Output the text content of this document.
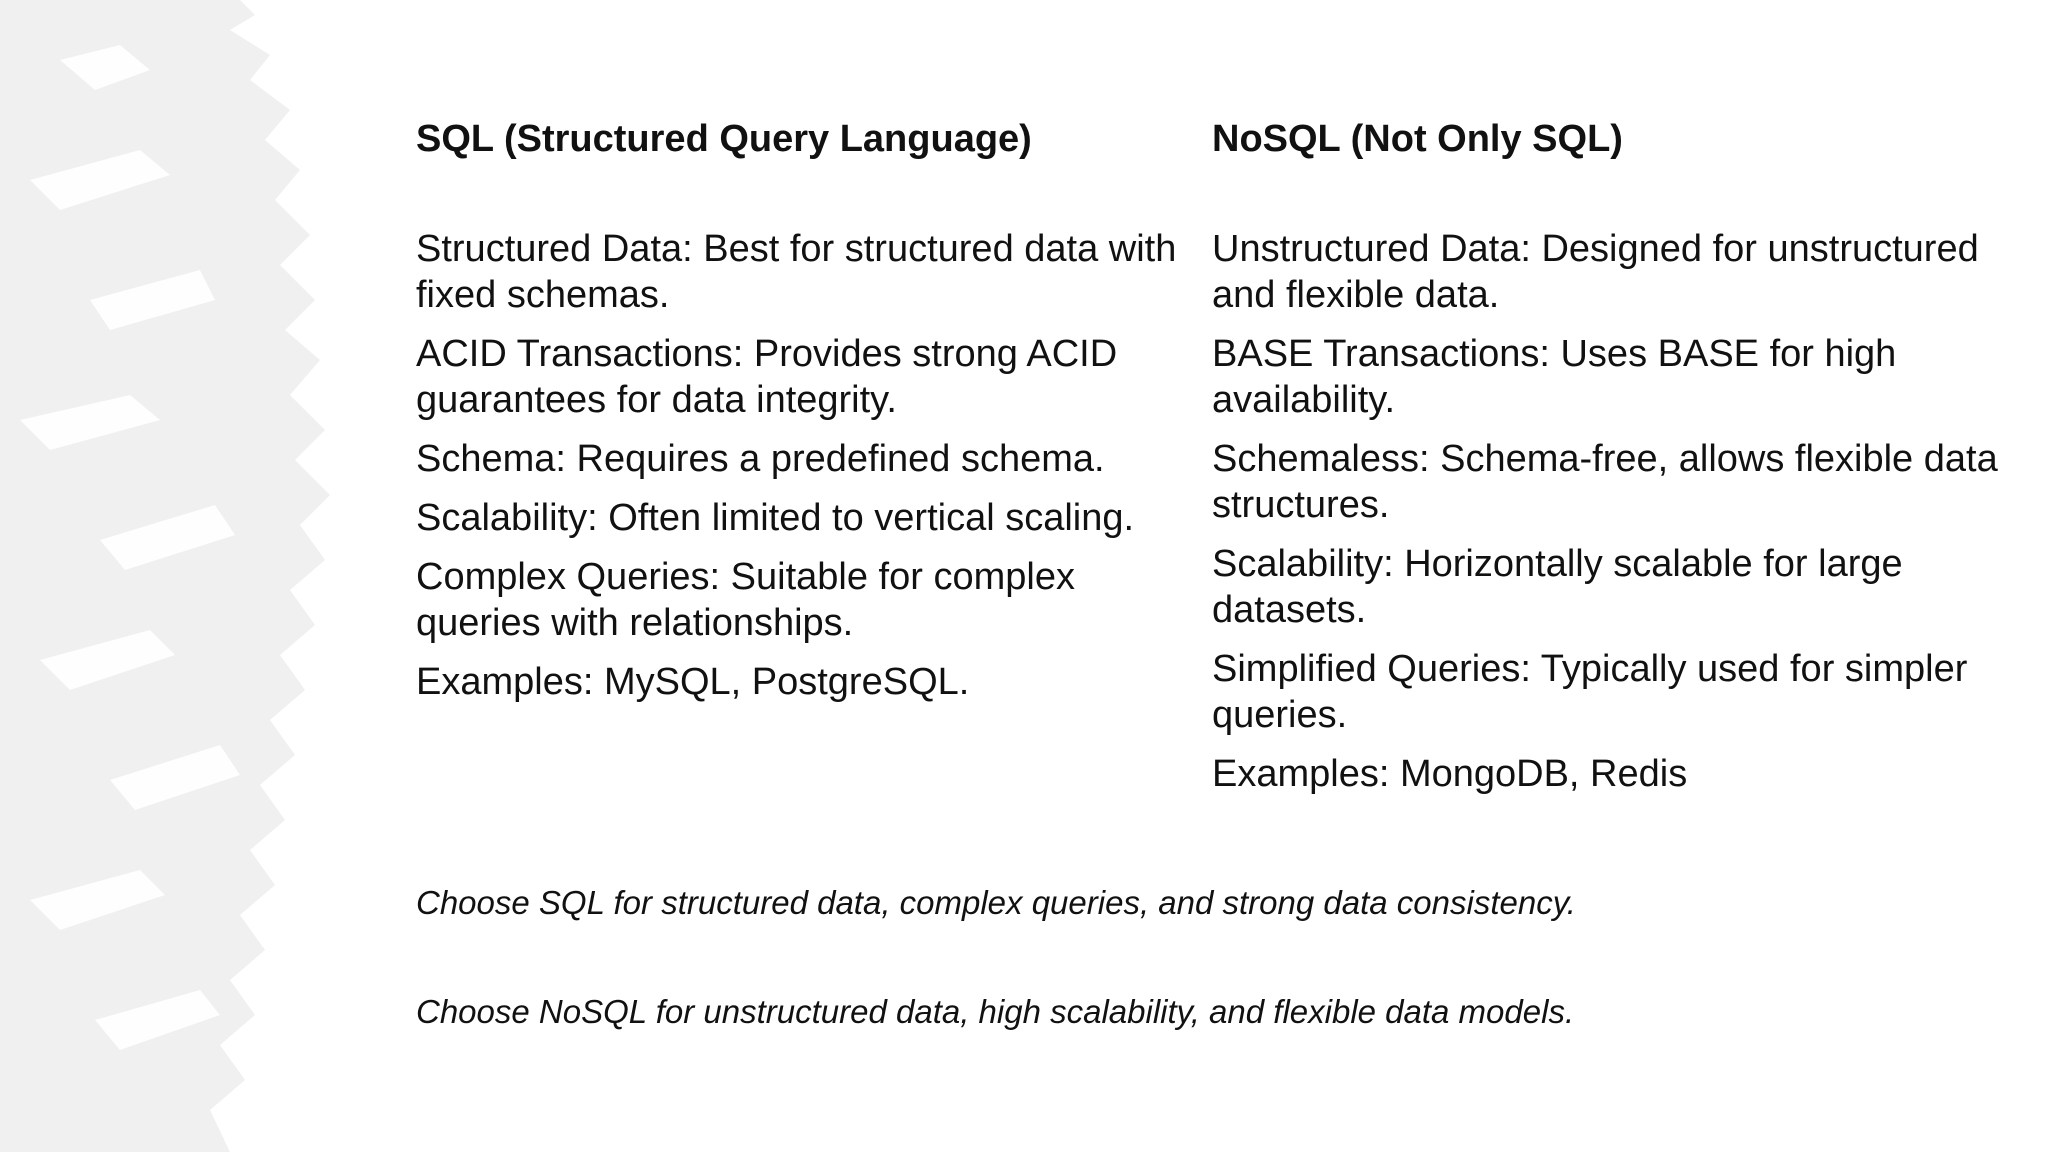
SQL (Structured Query Language)
Structured Data: Best for structured data with fixed schemas.
ACID Transactions: Provides strong ACID guarantees for data integrity.
Schema: Requires a predefined schema.
Scalability: Often limited to vertical scaling.
Complex Queries: Suitable for complex queries with relationships.
Examples: MySQL, PostgreSQL.
NoSQL (Not Only SQL)
Unstructured Data: Designed for unstructured and flexible data.
BASE Transactions: Uses BASE for high availability.
Schemaless: Schema-free, allows flexible data structures.
Scalability: Horizontally scalable for large datasets.
Simplified Queries: Typically used for simpler queries.
Examples: MongoDB, Redis

Choose SQL for structured data, complex queries, and strong data consistency.

Choose NoSQL for unstructured data, high scalability, and flexible data models.
